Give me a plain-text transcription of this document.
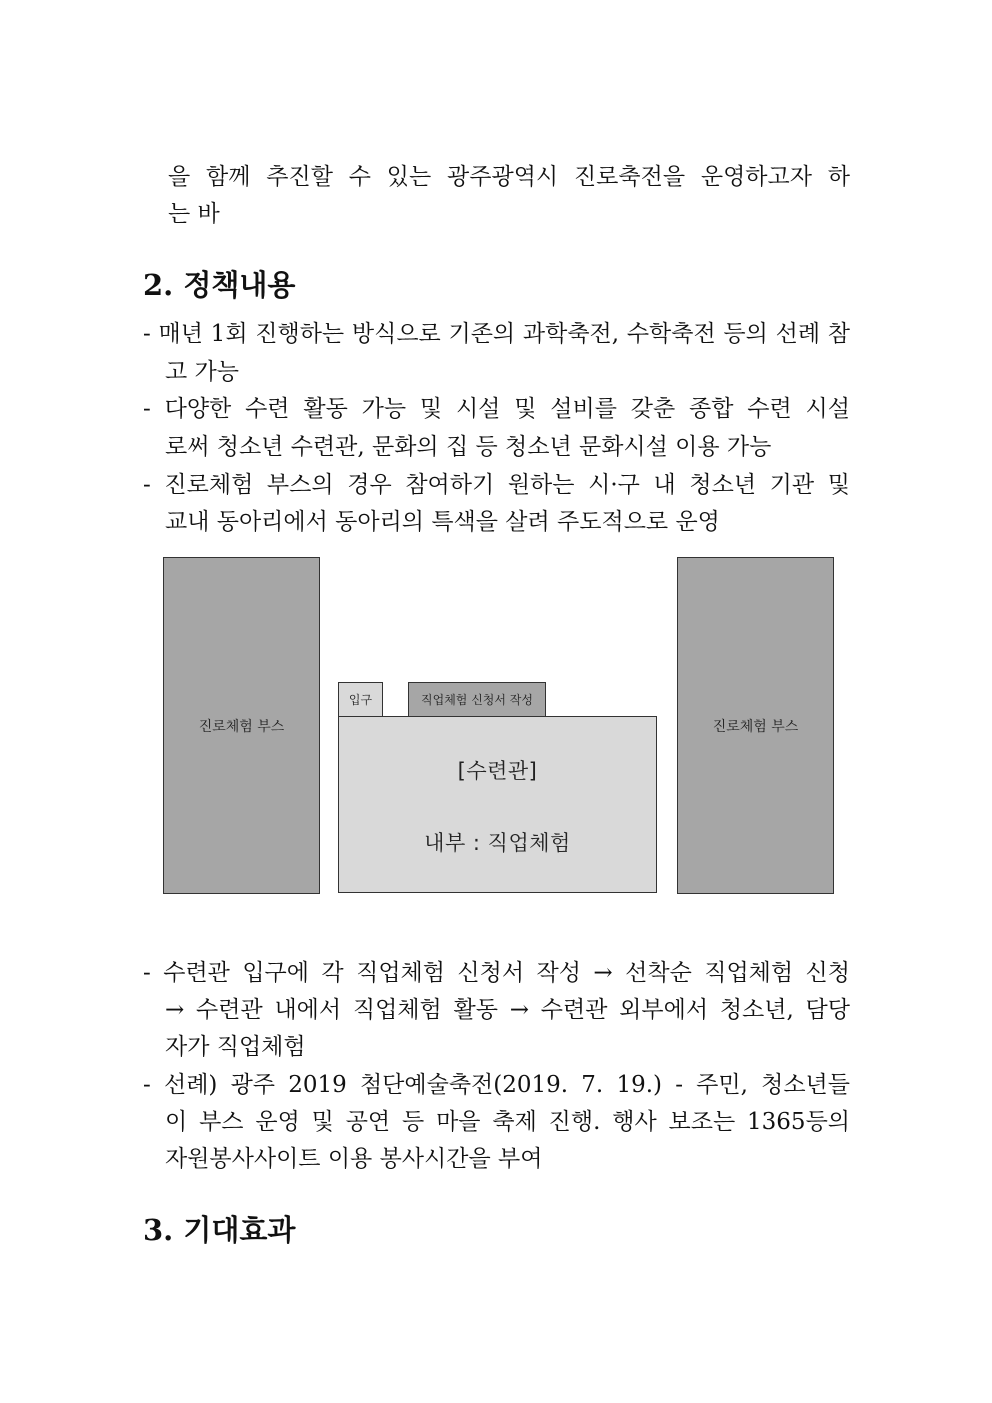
을 함께 추진할 수 있는 광주광역시 진로축전을 운영하고자 하
는 바
2. 정책내용
- 매년 1회 진행하는 방식으로 기존의 과학축전, 수학축전 등의 선례 참
고 가능
- 다양한 수련 활동 가능 및 시설 및 설비를 갖춘 종합 수련 시설
로써 청소년 수련관, 문화의 집 등 청소년 문화시설 이용 가능
- 진로체험 부스의 경우 참여하기 원하는 시·구 내 청소년 기관 및
교내 동아리에서 동아리의 특색을 살려 주도적으로 운영
진로체험 부스
입구	직업체험 신청서 작성
[수련관]
내부 : 직업체험
진로체험 부스
- 수련관 입구에 각 직업체험 신청서 작성 → 선착순 직업체험 신청
→ 수련관 내에서 직업체험 활동 → 수련관 외부에서 청소년, 담당
자가 직업체험
- 선례) 광주 2019 첨단예술축전(2019. 7. 19.) - 주민, 청소년들
이 부스 운영 및 공연 등 마을 축제 진행. 행사 보조는 1365등의
자원봉사사이트 이용 봉사시간을 부여
3. 기대효과
